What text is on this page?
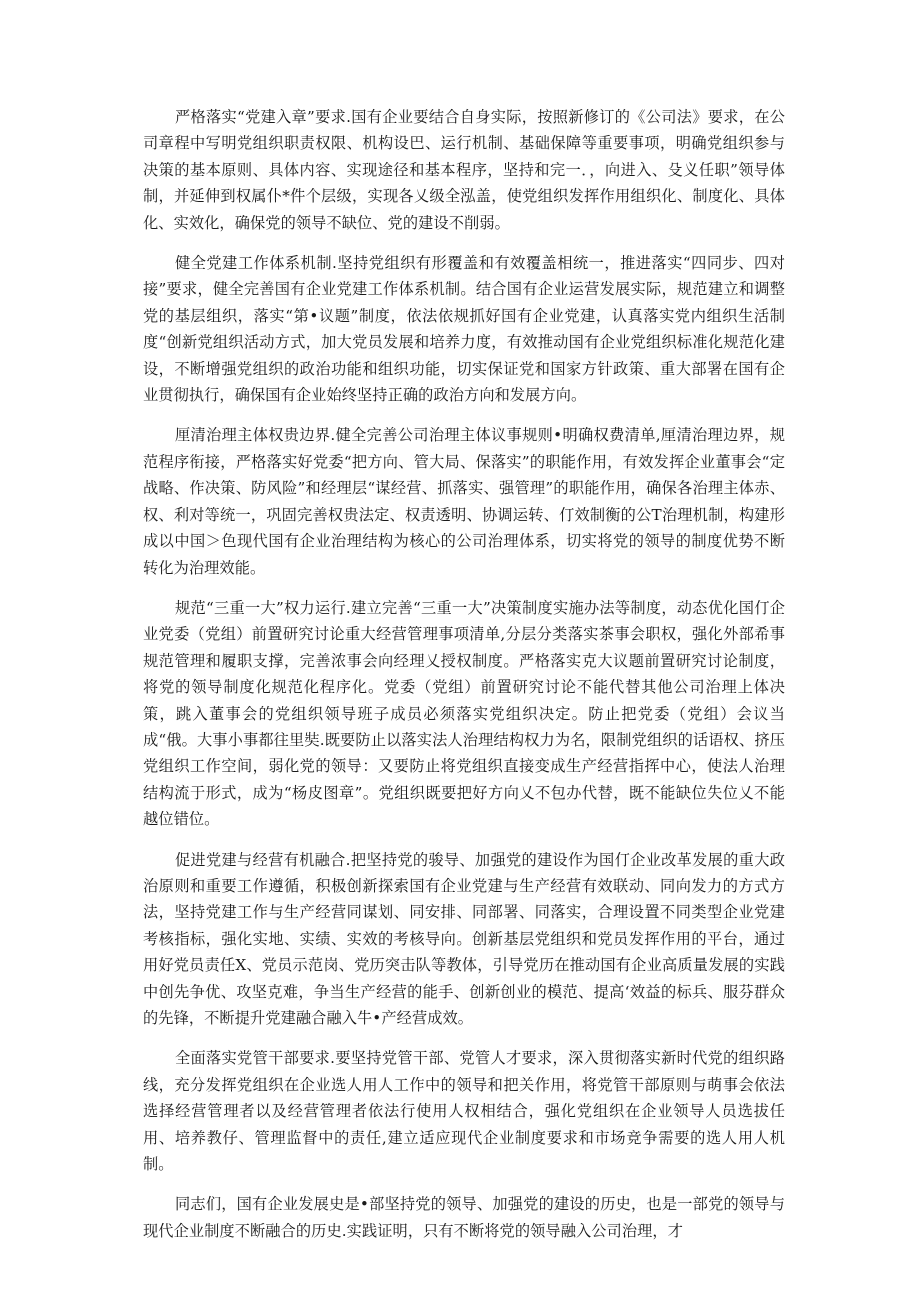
严格落实“党建入章”要求.国有企业要结合自身实际，按照新修订的《公司法》要求，在公司章程中写明党组织职责权限、机构设巴、运行机制、基础保障等重要事项，明确党组织参与决策的基本原则、具体内容、实现途径和基本程序，坚持和完一．，向进入、殳义任职”领导体制，并延伸到权属仆*件个层级，实现各乂级全泓盖，使党组织发挥作用组织化、制度化、具体化、实效化，确保党的领导不缺位、党的建设不削弱。

健全党建工作体系机制.坚持党组织有形覆盖和有效覆盖相统一，推进落实“四同步、四对接”要求，健全完善国有企业党建工作体系机制。结合国有企业运营发展实际，规范建立和调整党的基层组织，落实“第•议题”制度，依法依规抓好国有企业党建，认真落实党内组织生活制度“创新党组织活动方式，加大党员发展和培养力度，有效推动国有企业党组织标准化规范化建设，不断增强党组织的政治功能和组织功能，切实保证党和国家方针政策、重大部署在国有企业贯彻执行，确保国有企业始终坚持正确的政治方向和发展方向。

厘清治理主体权贵边界.健全完善公司治理主体议事规则•明确权费清单,厘清治理边界，规范程序衔接，严格落实好党委“把方向、管大局、保落实”的职能作用，有效发挥企业董事会“定战略、作决策、防风险”和经理层“谋经营、抓落实、强管理”的职能作用，确保各治理主体赤、权、利对等统一，巩固完善权贵法定、权责透明、协调运转、仃效制衡的公T治理机制，构建形成以中国＞色现代国有企业治理结构为核心的公司治理体系，切实将党的领导的制度优势不断转化为治理效能。

规范“三重一大”权力运行.建立完善“三重一大”决策制度实施办法等制度，动态优化国仃企业党委（党组）前置研究讨论重大经营管理事项清单,分层分类落实茶事会职权，强化外部希事规范管理和履职支撑，完善浓事会向经理乂授权制度。严格落实克大议题前置研究讨论制度，将党的领导制度化规范化程序化。党委（党组）前置研究讨论不能代替其他公司治理上体决策，跳入董事会的党组织领导班子成员必须落实党组织决定。防止把党委（党组）会议当成“俄。大事小事都往里奘.既要防止以落实法人治理结构权力为名，限制党组织的话语权、挤压党组织工作空间，弱化党的领导：又要防止将党组织直接变成生产经营指挥中心，使法人治理结构流于形式，成为“杨皮图章”。党组织既要把好方向乂不包办代替，既不能缺位失位乂不能越位错位。

促进党建与经营有机融合.把坚持党的骏导、加强党的建设作为国仃企业改革发展的重大政治原则和重要工作遵循，积极创新探索国有企业党建与生产经营有效联动、同向发力的方式方法，坚持党建工作与生产经营同谋划、同安排、同部署、同落实，合理设置不同类型企业党建考核指标，强化实地、实绩、实效的考核导向。创新基层党组织和党员发挥作用的平台，通过用好党员责任X、党员示范岗、党历突击队等教体，引导党历在推动国有企业高质量发展的实践中创先争优、攻坚克难，争当生产经营的能手、创新创业的模范、提高‘效益的标兵、服芬群众的先锋，不断提升党建融合融入牛•产经营成效。

全面落实党管干部要求.要坚持党管干部、党管人才要求，深入贯彻落实新时代党的组织路线，充分发挥党组织在企业选人用人工作中的领导和把关作用，将党管干部原则与萌事会依法选择经营管理者以及经营管理者依法行使用人权相结合，强化党组织在企业领导人员选拔任用、培养教仔、管理监督中的责任,建立适应现代企业制度要求和市场竞争需要的选人用人机制。

同志们，国有企业发展史是•部坚持党的领导、加强党的建设的历史，也是一部党的领导与现代企业制度不断融合的历史.实践证明，只有不断将党的领导融入公司治理，才
